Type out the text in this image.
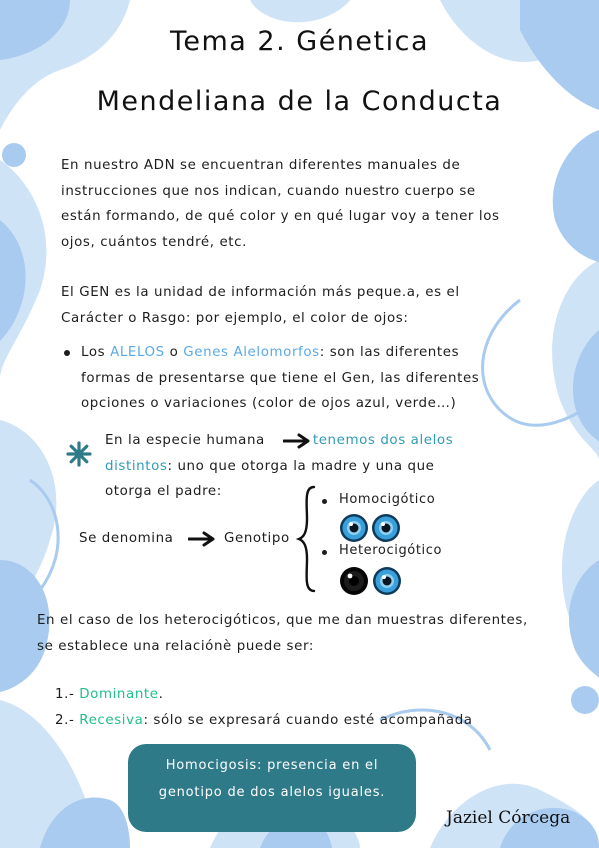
Tema 2. Génetica
Mendeliana de la Conducta
En nuestro ADN se encuentran diferentes manuales de
instrucciones que nos indican, cuando nuestro cuerpo se
están formando, de qué color y en qué lugar voy a tener los
ojos, cuántos tendré, etc.
El GEN es la unidad de información más peque.a, es el
Carácter o Rasgo: por ejemplo, el color de ojos:
Los ALELOS o Genes Alelomorfos: son las diferentes
formas de presentarse que tiene el Gen, las diferentes
opciones o variaciones (color de ojos azul, verde…)
En la especie humana	tenemos dos alelos
distintos: uno que otorga la madre y una que
otorga el padre:
Se denomina	Genotipo
Homocigótico
Heterocigótico
En el caso de los heterocigóticos, que me dan muestras diferentes,
se establece una relaciónè puede ser:
1.- Dominante.
2.- Recesiva: sólo se expresará cuando esté acompañada
Homocigosis: presencia en el
genotipo de dos alelos iguales.
Jaziel Córcega
